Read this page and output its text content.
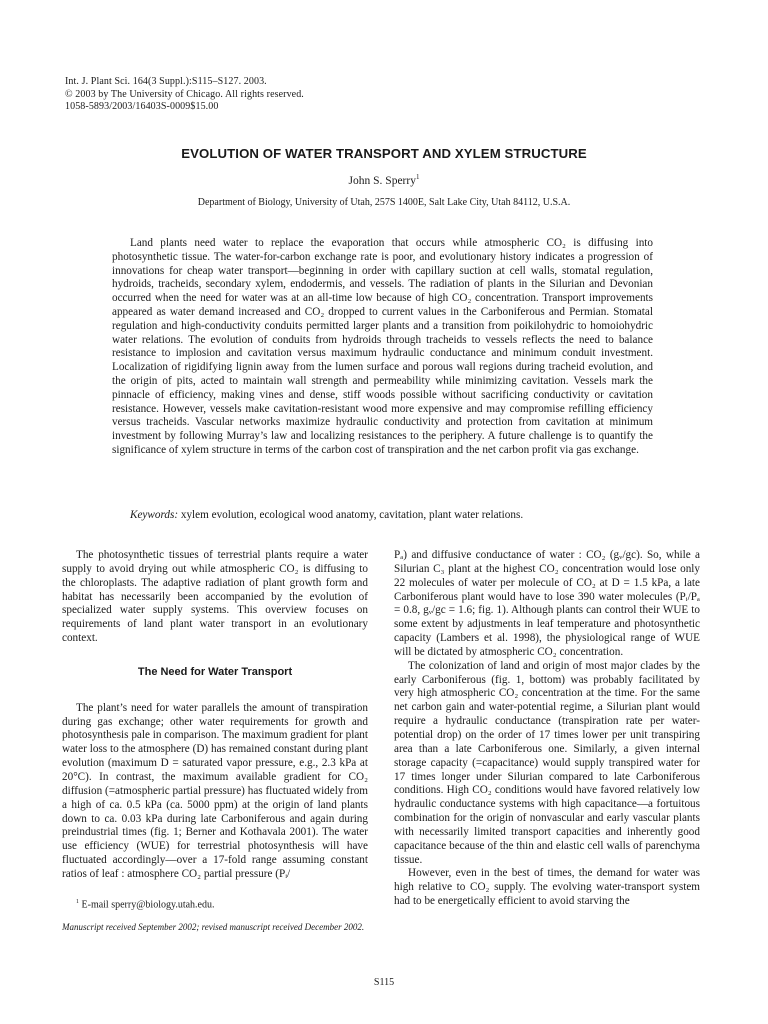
Int. J. Plant Sci. 164(3 Suppl.):S115–S127. 2003.
© 2003 by The University of Chicago. All rights reserved.
1058-5893/2003/16403S-0009$15.00
EVOLUTION OF WATER TRANSPORT AND XYLEM STRUCTURE
John S. Sperry$^1$
Department of Biology, University of Utah, 257S 1400E, Salt Lake City, Utah 84112, U.S.A.

Land plants need water to replace the evaporation that occurs while atmospheric CO₂ is diffusing into photosynthetic tissue. The water-for-carbon exchange rate is poor, and evolutionary history indicates a progression of innovations for cheap water transport—beginning in order with capillary suction at cell walls, stomatal regulation, hydroids, tracheids, secondary xylem, endodermis, and vessels. The radiation of plants in the Silurian and Devonian occurred when the need for water was at an all-time low because of high CO₂ concentration. Transport improvements appeared as water demand increased and CO₂ dropped to current values in the Carboniferous and Permian. Stomatal regulation and high-conductivity conduits permitted larger plants and a transition from poikilohydric to homoiohydric water relations. The evolution of conduits from hydroids through tracheids to vessels reflects the need to balance resistance to implosion and cavitation versus maximum hydraulic conductance and minimum conduit investment. Localization of rigidifying lignin away from the lumen surface and porous wall regions during tracheid evolution, and the origin of pits, acted to maintain wall strength and permeability while minimizing cavitation. Vessels mark the pinnacle of efficiency, making vines and dense, stiff woods possible without sacrificing conductivity or cavitation resistance. However, vessels make cavitation-resistant wood more expensive and may compromise refilling efficiency versus tracheids. Vascular networks maximize hydraulic conductivity and protection from cavitation at minimum investment by following Murray’s law and localizing resistances to the periphery. A future challenge is to quantify the significance of xylem structure in terms of the carbon cost of transpiration and the net carbon profit via gas exchange.

Keywords: xylem evolution, ecological wood anatomy, cavitation, plant water relations.

The photosynthetic tissues of terrestrial plants require a water supply to avoid drying out while atmospheric CO₂ is diffusing to the chloroplasts. The adaptive radiation of plant growth form and habitat has necessarily been accompanied by the evolution of specialized water supply systems. This overview focuses on requirements of land plant water transport in an evolutionary context.

The Need for Water Transport

The plant’s need for water parallels the amount of transpiration during gas exchange; other water requirements for growth and photosynthesis pale in comparison. The maximum gradient for plant water loss to the atmosphere (D) has remained constant during plant evolution (maximum D = saturated vapor pressure, e.g., 2.3 kPa at 20°C). In contrast, the maximum available gradient for CO₂ diffusion (=atmospheric partial pressure) has fluctuated widely from a high of ca. 0.5 kPa (ca. 5000 ppm) at the origin of land plants down to ca. 0.03 kPa during late Carboniferous and again during preindustrial times (fig. 1; Berner and Kothavala 2001). The water use efficiency (WUE) for terrestrial photosynthesis will have fluctuated accordingly—over a 17-fold range assuming constant ratios of leaf : atmosphere CO₂ partial pressure (Pᵢ/

$^1$ E-mail sperry@biology.utah.edu.
Manuscript received September 2002; revised manuscript received December 2002.

Pₐ) and diffusive conductance of water : CO₂ (gᵥ/gc). So, while a Silurian C₃ plant at the highest CO₂ concentration would lose only 22 molecules of water per molecule of CO₂ at D = 1.5 kPa, a late Carboniferous plant would have to lose 390 water molecules (Pᵢ/Pₐ = 0.8, gᵥ/gc = 1.6; fig. 1). Although plants can control their WUE to some extent by adjustments in leaf temperature and photosynthetic capacity (Lambers et al. 1998), the physiological range of WUE will be dictated by atmospheric CO₂ concentration.

The colonization of land and origin of most major clades by the early Carboniferous (fig. 1, bottom) was probably facilitated by very high atmospheric CO₂ concentration at the time. For the same net carbon gain and water-potential regime, a Silurian plant would require a hydraulic conductance (transpiration rate per water-potential drop) on the order of 17 times lower per unit transpiring area than a late Carboniferous one. Similarly, a given internal storage capacity (=capacitance) would supply transpired water for 17 times longer under Silurian compared to late Carboniferous conditions. High CO₂ conditions would have favored relatively low hydraulic conductance systems with high capacitance—a fortuitous combination for the origin of nonvascular and early vascular plants with necessarily limited transport capacities and inherently good capacitance because of the thin and elastic cell walls of parenchyma tissue.

However, even in the best of times, the demand for water was high relative to CO₂ supply. The evolving water-transport system had to be energetically efficient to avoid starving the

S115
